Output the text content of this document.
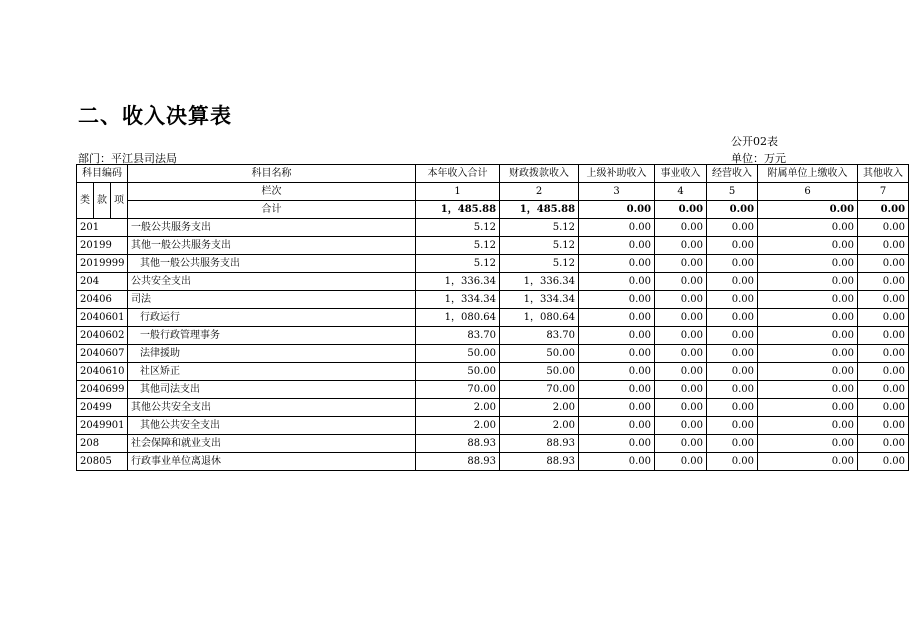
二、收入决算表
公开02表
部门：平江县司法局	单位：万元
科目编码			科目名称	本年收入合计	财政拨款收入	上级补助收入	事业收入	经营收入	附属单位上缴收入	其他收入
类	款	项	栏次	1	2	3	4	5	6	7
			合计	1，485.88	1，485.88	0.00	0.00	0.00	0.00	0.00
201			一般公共服务支出	5.12	5.12	0.00	0.00	0.00	0.00	0.00
20199			其他一般公共服务支出	5.12	5.12	0.00	0.00	0.00	0.00	0.00
2019999			其他一般公共服务支出	5.12	5.12	0.00	0.00	0.00	0.00	0.00
204			公共安全支出	1，336.34	1，336.34	0.00	0.00	0.00	0.00	0.00
20406			司法	1，334.34	1，334.34	0.00	0.00	0.00	0.00	0.00
2040601			行政运行	1，080.64	1，080.64	0.00	0.00	0.00	0.00	0.00
2040602			一般行政管理事务	83.70	83.70	0.00	0.00	0.00	0.00	0.00
2040607			法律援助	50.00	50.00	0.00	0.00	0.00	0.00	0.00
2040610			社区矫正	50.00	50.00	0.00	0.00	0.00	0.00	0.00
2040699			其他司法支出	70.00	70.00	0.00	0.00	0.00	0.00	0.00
20499			其他公共安全支出	2.00	2.00	0.00	0.00	0.00	0.00	0.00
2049901			其他公共安全支出	2.00	2.00	0.00	0.00	0.00	0.00	0.00
208			社会保障和就业支出	88.93	88.93	0.00	0.00	0.00	0.00	0.00
20805			行政事业单位离退休	88.93	88.93	0.00	0.00	0.00	0.00	0.00
